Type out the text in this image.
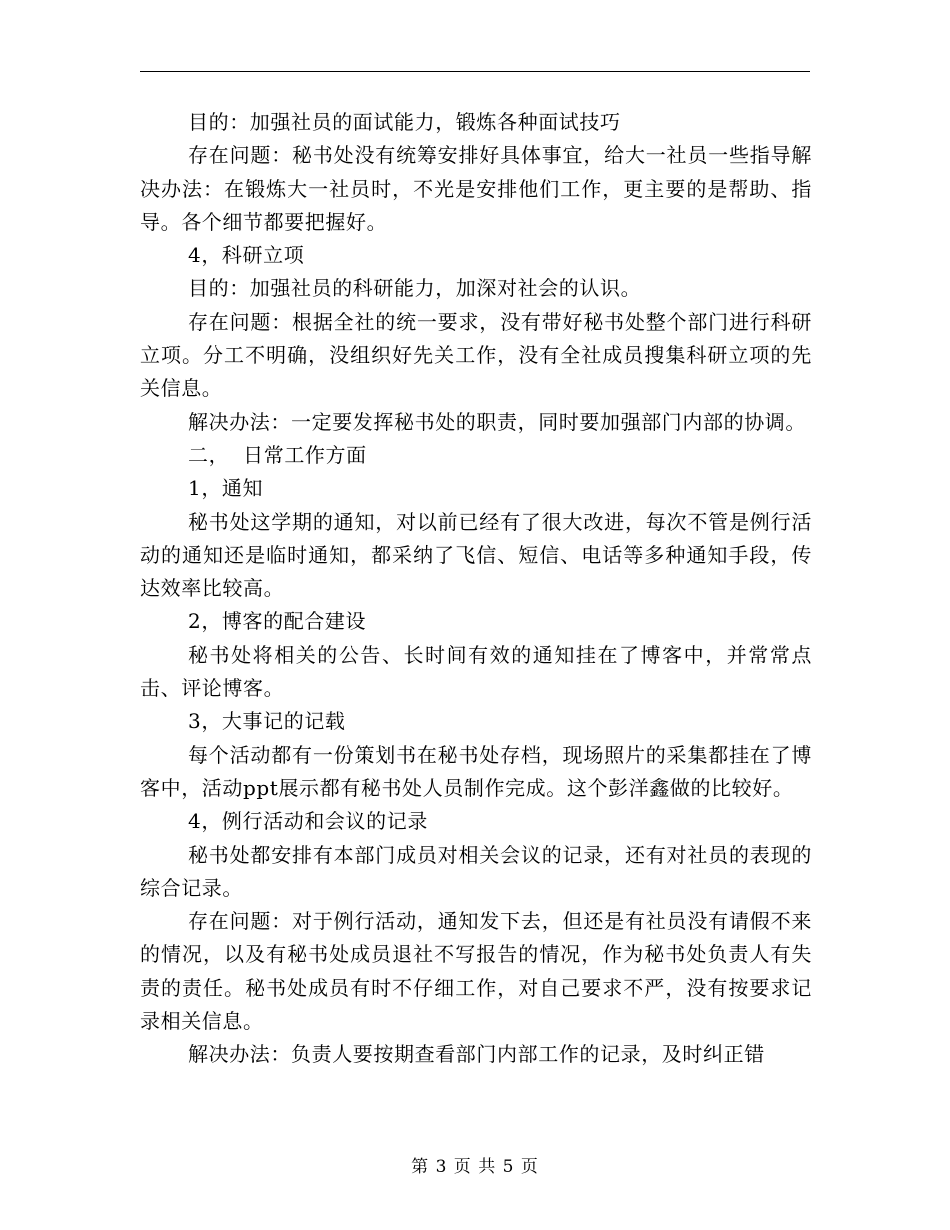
目的：加强社员的面试能力，锻炼各种面试技巧

存在问题：秘书处没有统筹安排好具体事宜，给大一社员一些指导解决办法：在锻炼大一社员时，不光是安排他们工作，更主要的是帮助、指导。各个细节都要把握好。

4，科研立项

目的：加强社员的科研能力，加深对社会的认识。

存在问题：根据全社的统一要求，没有带好秘书处整个部门进行科研立项。分工不明确，没组织好先关工作，没有全社成员搜集科研立项的先关信息。

解决办法：一定要发挥秘书处的职责，同时要加强部门内部的协调。

二，  日常工作方面

1，通知

秘书处这学期的通知，对以前已经有了很大改进，每次不管是例行活动的通知还是临时通知，都采纳了飞信、短信、电话等多种通知手段，传达效率比较高。

2，博客的配合建设

秘书处将相关的公告、长时间有效的通知挂在了博客中，并常常点击、评论博客。

3，大事记的记载

每个活动都有一份策划书在秘书处存档，现场照片的采集都挂在了博客中，活动ppt展示都有秘书处人员制作完成。这个彭洋鑫做的比较好。

4，例行活动和会议的记录

秘书处都安排有本部门成员对相关会议的记录，还有对社员的表现的综合记录。

存在问题：对于例行活动，通知发下去，但还是有社员没有请假不来的情况，以及有秘书处成员退社不写报告的情况，作为秘书处负责人有失责的责任。秘书处成员有时不仔细工作，对自己要求不严，没有按要求记录相关信息。

解决办法：负责人要按期查看部门内部工作的记录，及时纠正错

第 3 页 共 5 页
